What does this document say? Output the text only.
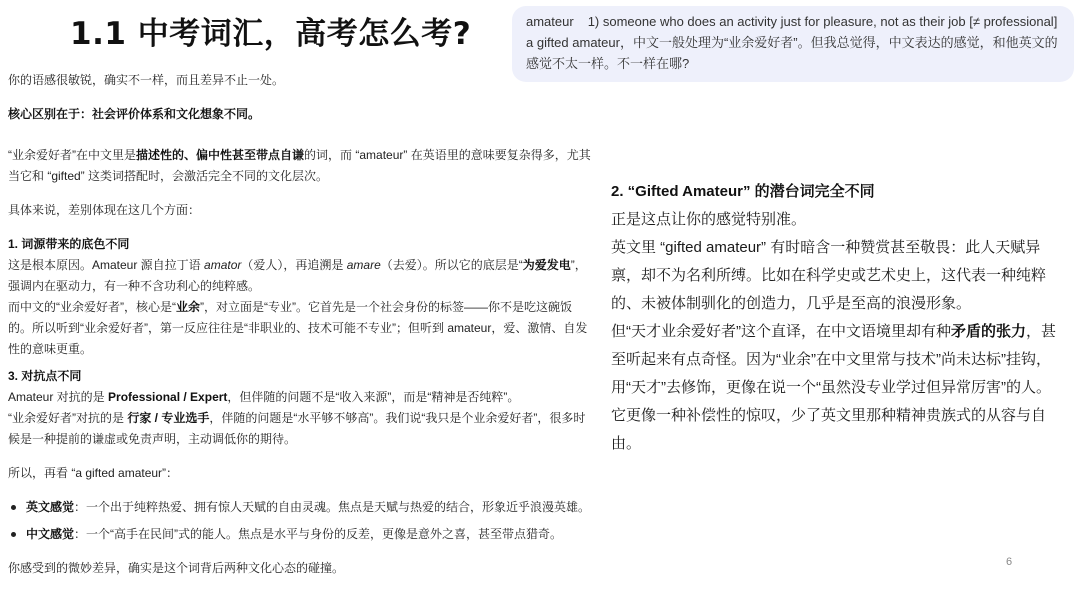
1.1 中考词汇，高考怎么考?	amateur 1) someone who does an activity just for pleasure, not as their job [≠ professional] a gifted amateur，中文一般处理为“业余爱好者”。但我总觉得，中文表达的感觉，和他英文的感觉不太一样。不一样在哪?

你的语感很敏锐，确实不一样，而且差异不止一处。

核心区别在于：社会评价体系和文化想象不同。

“业余爱好者”在中文里是描述性的、偏中性甚至带点自谦的词，而 “amateur” 在英语里的意味要复杂得多，尤其当它和 “gifted” 这类词搭配时，会激活完全不同的文化层次。

具体来说，差别体现在这几个方面：

1. 词源带来的底色不同

这是根本原因。Amateur 源自拉丁语 amator（爱人），再追溯是 amare（去爱）。所以它的底层是“为爱发电”，强调内在驱动力，有一种不含功利心的纯粹感。

而中文的“业余爱好者”，核心是“业余”，对立面是“专业”。它首先是一个社会身份的标签——你不是吃这碗饭的。所以听到“业余爱好者”，第一反应往往是“非职业的、技术可能不专业”；但听到 amateur，爱、激情、自发性的意味更重。

3. 对抗点不同

Amateur 对抗的是 Professional / Expert，但伴随的问题不是“收入来源”，而是“精神是否纯粹”。

“业余爱好者”对抗的是 行家 / 专业选手，伴随的问题是“水平够不够高”。我们说“我只是个业余爱好者”，很多时候是一种提前的谦虚或免责声明，主动调低你的期待。

所以，再看 “a gifted amateur”：

英文感觉：一个出于纯粹热爱、拥有惊人天赋的自由灵魂。焦点是天赋与热爱的结合，形象近乎浪漫英雄。

中文感觉：一个“高手在民间”式的能人。焦点是水平与身份的反差，更像是意外之喜，甚至带点猎奇。

你感受到的微妙差异，确实是这个词背后两种文化心态的碰撞。

2. “Gifted Amateur” 的潜台词完全不同

正是这点让你的感觉特别准。

英文里 “gifted amateur” 有时暗含一种赞赏甚至敬畏：此人天赋异禀，却不为名利所缚。比如在科学史或艺术史上，这代表一种纯粹的、未被体制驯化的创造力，几乎是至高的浪漫形象。

但“天才业余爱好者”这个直译，在中文语境里却有种矛盾的张力，甚至听起来有点奇怪。因为“业余”在中文里常与技术”尚未达标”挂钩，用“天才”去修饰，更像在说一个“虽然没专业学过但异常厉害”的人。它更像一种补偿性的惊叹，少了英文里那种精神贵族式的从容与自由。

6
